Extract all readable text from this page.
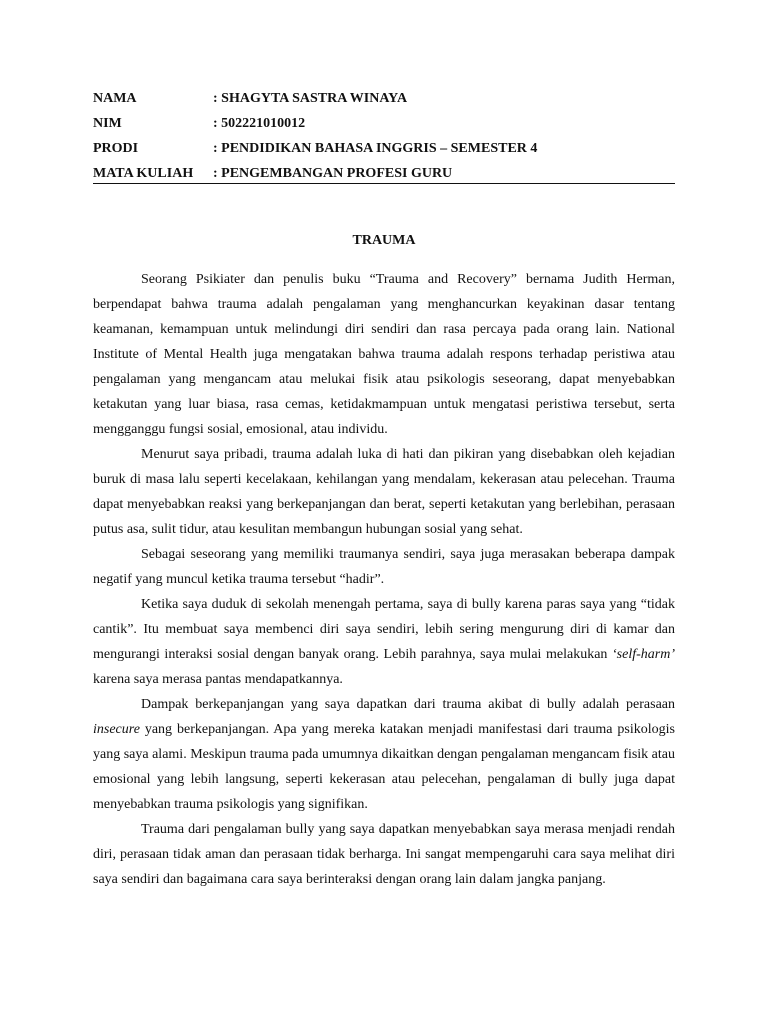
NAMA	: SHAGYTA SASTRA WINAYA
NIM	: 502221010012
PRODI	: PENDIDIKAN BAHASA INGGRIS – SEMESTER 4
MATA KULIAH	: PENGEMBANGAN PROFESI GURU
TRAUMA

Seorang Psikiater dan penulis buku “Trauma and Recovery” bernama Judith Herman, berpendapat bahwa trauma adalah pengalaman yang menghancurkan keyakinan dasar tentang keamanan, kemampuan untuk melindungi diri sendiri dan rasa percaya pada orang lain. National Institute of Mental Health juga mengatakan bahwa trauma adalah respons terhadap peristiwa atau pengalaman yang mengancam atau melukai fisik atau psikologis seseorang, dapat menyebabkan ketakutan yang luar biasa, rasa cemas, ketidakmampuan untuk mengatasi peristiwa tersebut, serta mengganggu fungsi sosial, emosional, atau individu.

Menurut saya pribadi, trauma adalah luka di hati dan pikiran yang disebabkan oleh kejadian buruk di masa lalu seperti kecelakaan, kehilangan yang mendalam, kekerasan atau pelecehan. Trauma dapat menyebabkan reaksi yang berkepanjangan dan berat, seperti ketakutan yang berlebihan, perasaan putus asa, sulit tidur, atau kesulitan membangun hubungan sosial yang sehat.

Sebagai seseorang yang memiliki traumanya sendiri, saya juga merasakan beberapa dampak negatif yang muncul ketika trauma tersebut “hadir”.

Ketika saya duduk di sekolah menengah pertama, saya di bully karena paras saya yang “tidak cantik”. Itu membuat saya membenci diri saya sendiri, lebih sering mengurung diri di kamar dan mengurangi interaksi sosial dengan banyak orang. Lebih parahnya, saya mulai melakukan ‘self-harm’ karena saya merasa pantas mendapatkannya.

Dampak berkepanjangan yang saya dapatkan dari trauma akibat di bully adalah perasaan insecure yang berkepanjangan. Apa yang mereka katakan menjadi manifestasi dari trauma psikologis yang saya alami. Meskipun trauma pada umumnya dikaitkan dengan pengalaman mengancam fisik atau emosional yang lebih langsung, seperti kekerasan atau pelecehan, pengalaman di bully juga dapat menyebabkan trauma psikologis yang signifikan.

Trauma dari pengalaman bully yang saya dapatkan menyebabkan saya merasa menjadi rendah diri, perasaan tidak aman dan perasaan tidak berharga. Ini sangat mempengaruhi cara saya melihat diri saya sendiri dan bagaimana cara saya berinteraksi dengan orang lain dalam jangka panjang.
